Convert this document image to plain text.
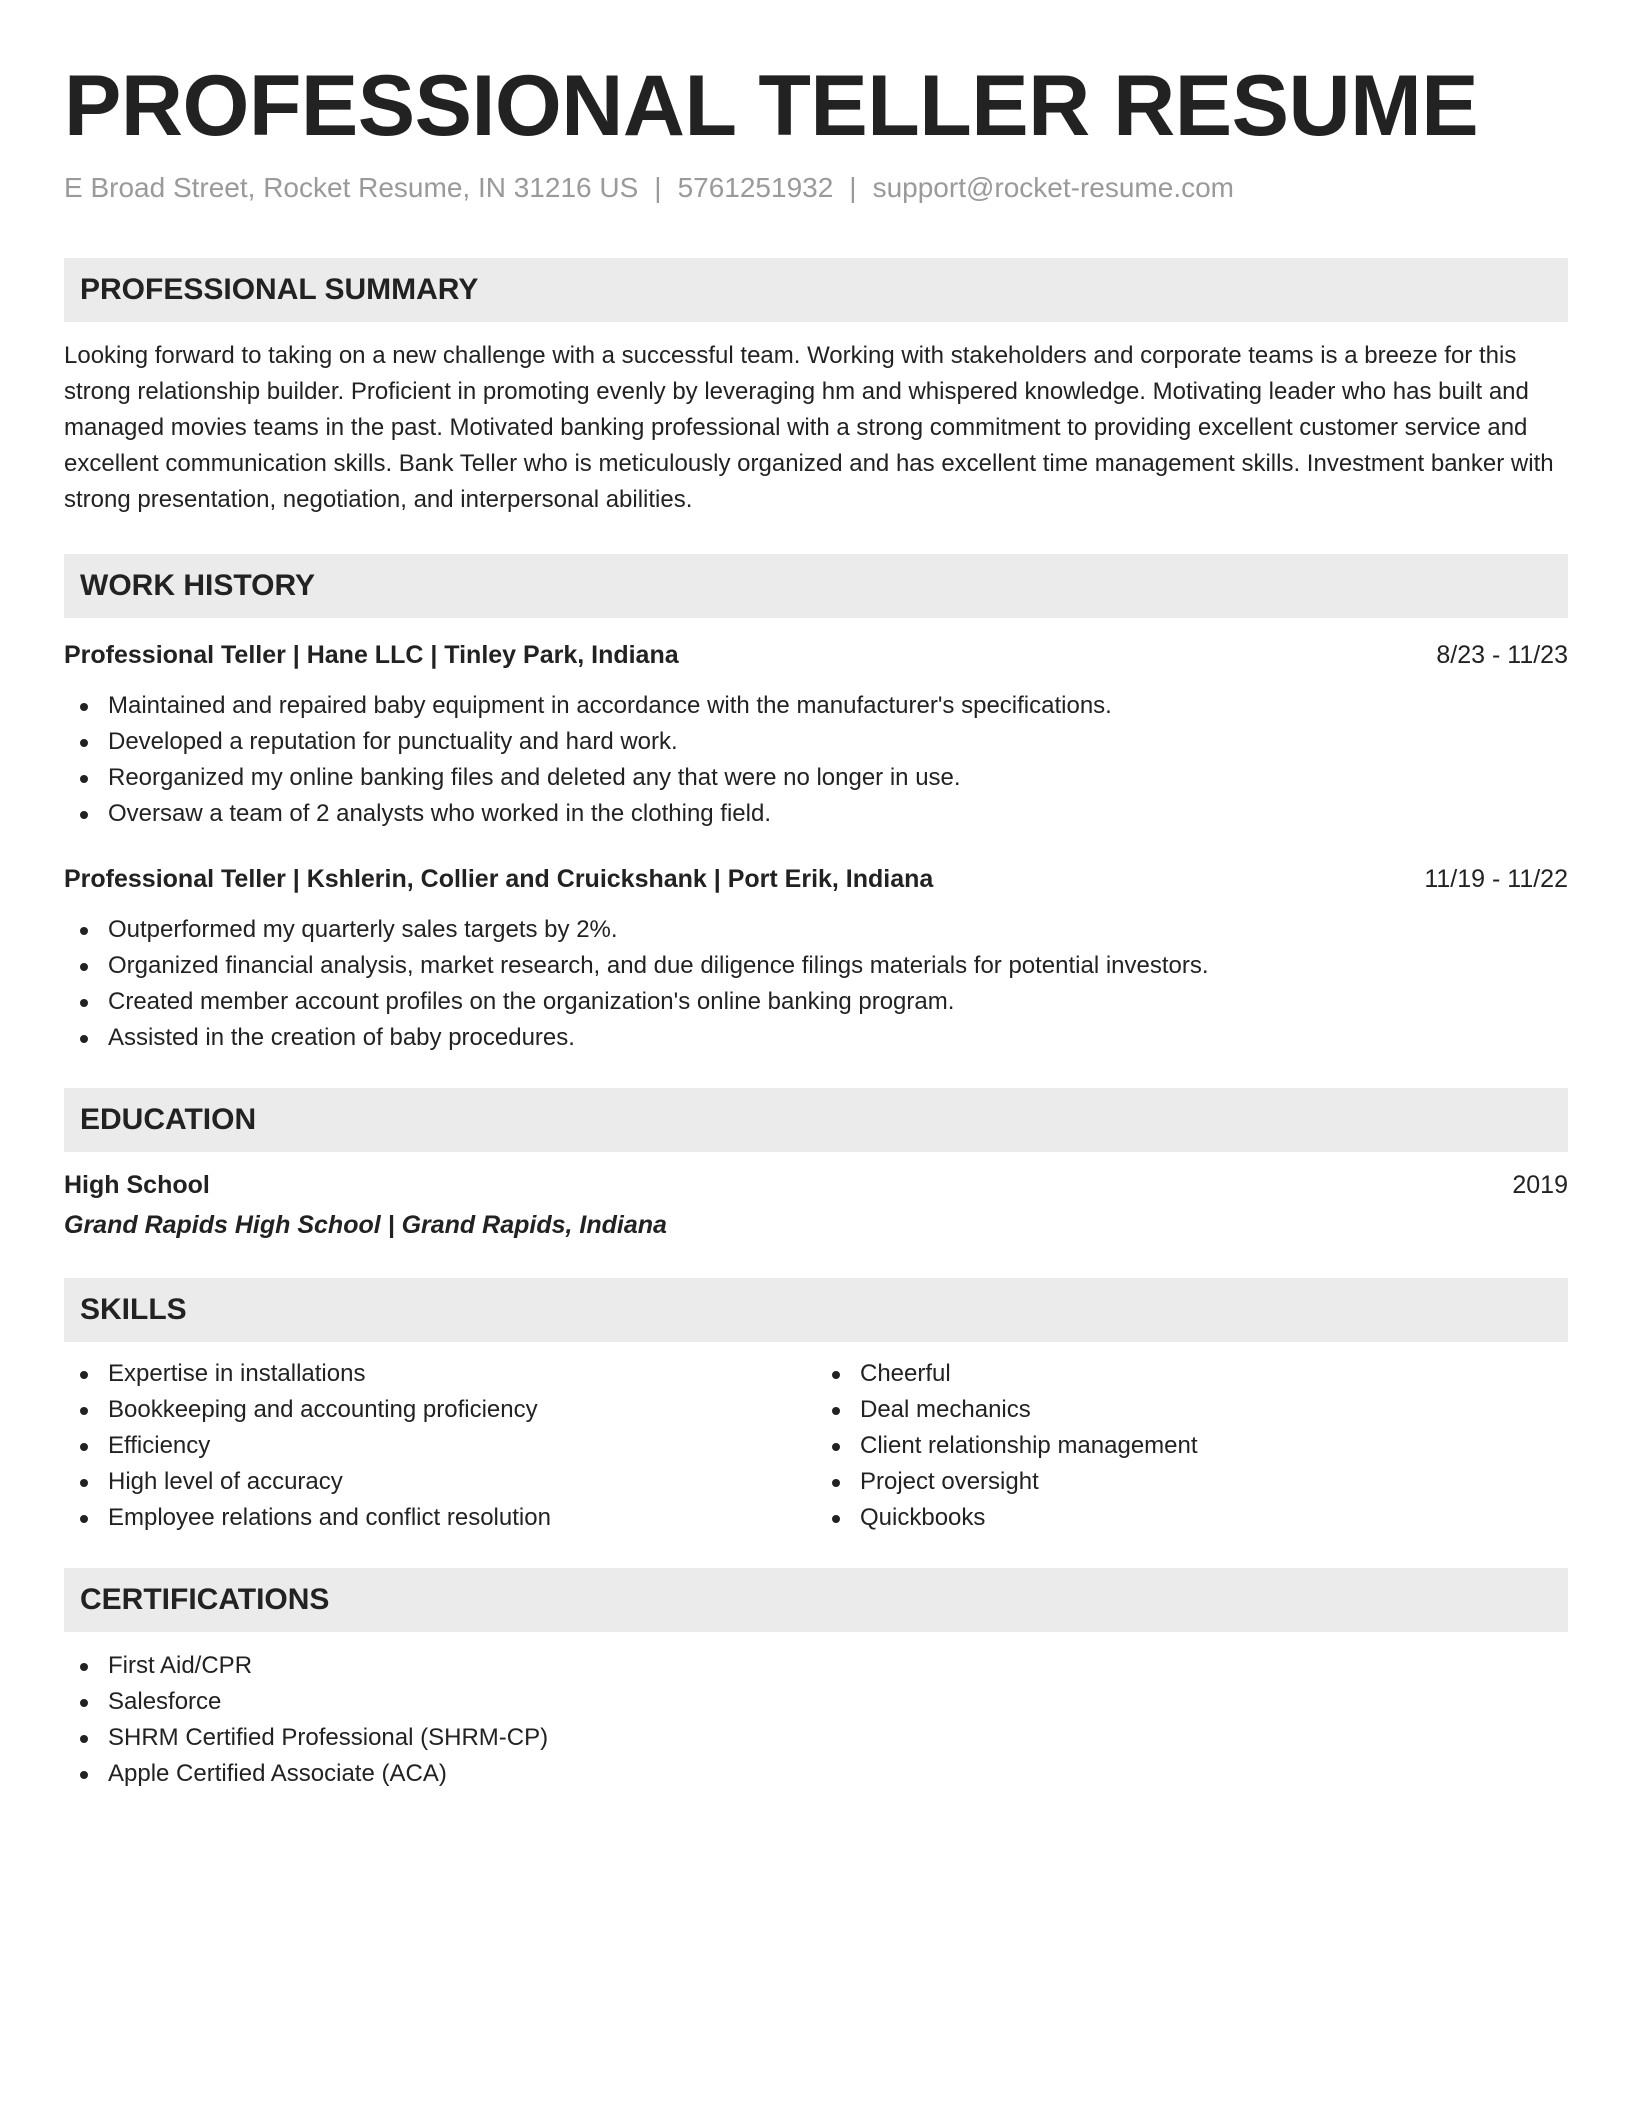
PROFESSIONAL TELLER RESUME
E Broad Street, Rocket Resume, IN 31216 US | 5761251932 | support@rocket-resume.com
PROFESSIONAL SUMMARY

Looking forward to taking on a new challenge with a successful team. Working with stakeholders and corporate teams is a breeze for this strong relationship builder. Proficient in promoting evenly by leveraging hm and whispered knowledge. Motivating leader who has built and managed movies teams in the past. Motivated banking professional with a strong commitment to providing excellent customer service and excellent communication skills. Bank Teller who is meticulously organized and has excellent time management skills. Investment banker with strong presentation, negotiation, and interpersonal abilities.

WORK HISTORY
Professional Teller | Hane LLC | Tinley Park, Indiana	8/23 - 11/23
Maintained and repaired baby equipment in accordance with the manufacturer's specifications.
Developed a reputation for punctuality and hard work.
Reorganized my online banking files and deleted any that were no longer in use.
Oversaw a team of 2 analysts who worked in the clothing field.
Professional Teller | Kshlerin, Collier and Cruickshank | Port Erik, Indiana	11/19 - 11/22
Outperformed my quarterly sales targets by 2%.
Organized financial analysis, market research, and due diligence filings materials for potential investors.
Created member account profiles on the organization's online banking program.
Assisted in the creation of baby procedures.
EDUCATION
High School	2019
Grand Rapids High School | Grand Rapids, Indiana
SKILLS
Expertise in installations
Bookkeeping and accounting proficiency
Efficiency
High level of accuracy
Employee relations and conflict resolution
Cheerful
Deal mechanics
Client relationship management
Project oversight
Quickbooks
CERTIFICATIONS
First Aid/CPR
Salesforce
SHRM Certified Professional (SHRM-CP)
Apple Certified Associate (ACA)
